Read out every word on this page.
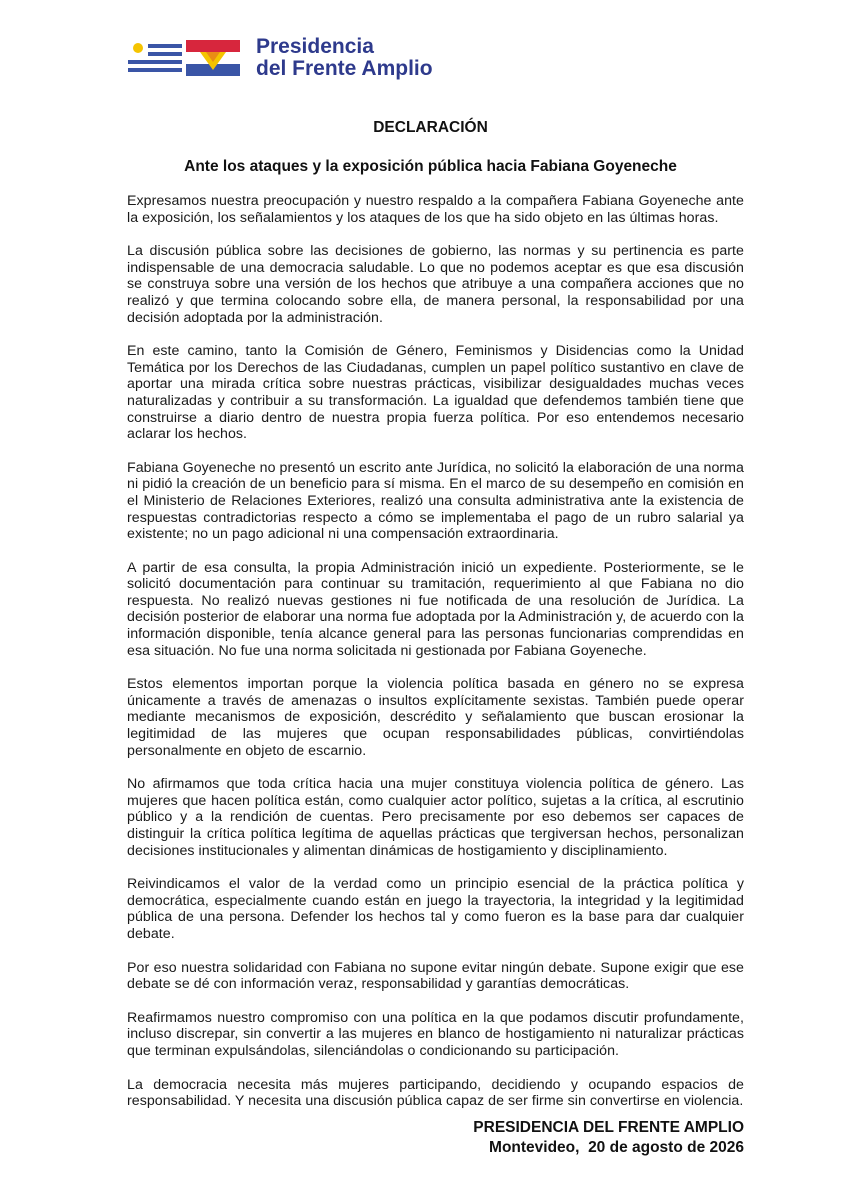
Presidencia
del Frente Amplio
DECLARACIÓN
Ante los ataques y la exposición pública hacia Fabiana Goyeneche

Expresamos nuestra preocupación y nuestro respaldo a la compañera Fabiana Goyeneche ante la exposición, los señalamientos y los ataques de los que ha sido objeto en las últimas horas.

La discusión pública sobre las decisiones de gobierno, las normas y su pertinencia es parte indispensable de una democracia saludable. Lo que no podemos aceptar es que esa discusión se construya sobre una versión de los hechos que atribuye a una compañera acciones que no realizó y que termina colocando sobre ella, de manera personal, la responsabilidad por una decisión adoptada por la administración.

En este camino, tanto la Comisión de Género, Feminismos y Disidencias como la Unidad Temática por los Derechos de las Ciudadanas, cumplen un papel político sustantivo en clave de aportar una mirada crítica sobre nuestras prácticas, visibilizar desigualdades muchas veces naturalizadas y contribuir a su transformación. La igualdad que defendemos también tiene que construirse a diario dentro de nuestra propia fuerza política. Por eso entendemos necesario aclarar los hechos.

Fabiana Goyeneche no presentó un escrito ante Jurídica, no solicitó la elaboración de una norma ni pidió la creación de un beneficio para sí misma. En el marco de su desempeño en comisión en el Ministerio de Relaciones Exteriores, realizó una consulta administrativa ante la existencia de respuestas contradictorias respecto a cómo se implementaba el pago de un rubro salarial ya existente; no un pago adicional ni una compensación extraordinaria.

A partir de esa consulta, la propia Administración inició un expediente. Posteriormente, se le solicitó documentación para continuar su tramitación, requerimiento al que Fabiana no dio respuesta. No realizó nuevas gestiones ni fue notificada de una resolución de Jurídica. La decisión posterior de elaborar una norma fue adoptada por la Administración y, de acuerdo con la información disponible, tenía alcance general para las personas funcionarias comprendidas en esa situación. No fue una norma solicitada ni gestionada por Fabiana Goyeneche.

Estos elementos importan porque la violencia política basada en género no se expresa únicamente a través de amenazas o insultos explícitamente sexistas. También puede operar mediante mecanismos de exposición, descrédito y señalamiento que buscan erosionar la legitimidad de las mujeres que ocupan responsabilidades públicas, convirtiéndolas personalmente en objeto de escarnio.

No afirmamos que toda crítica hacia una mujer constituya violencia política de género. Las mujeres que hacen política están, como cualquier actor político, sujetas a la crítica, al escrutinio público y a la rendición de cuentas. Pero precisamente por eso debemos ser capaces de distinguir la crítica política legítima de aquellas prácticas que tergiversan hechos, personalizan decisiones institucionales y alimentan dinámicas de hostigamiento y disciplinamiento.

Reivindicamos el valor de la verdad como un principio esencial de la práctica política y democrática, especialmente cuando están en juego la trayectoria, la integridad y la legitimidad pública de una persona. Defender los hechos tal y como fueron es la base para dar cualquier debate.

Por eso nuestra solidaridad con Fabiana no supone evitar ningún debate. Supone exigir que ese debate se dé con información veraz, responsabilidad y garantías democráticas.

Reafirmamos nuestro compromiso con una política en la que podamos discutir profundamente, incluso discrepar, sin convertir a las mujeres en blanco de hostigamiento ni naturalizar prácticas que terminan expulsándolas, silenciándolas o condicionando su participación.

La democracia necesita más mujeres participando, decidiendo y ocupando espacios de responsabilidad. Y necesita una discusión pública capaz de ser firme sin convertirse en violencia.

PRESIDENCIA DEL FRENTE AMPLIO
Montevideo,  20 de agosto de 2026
